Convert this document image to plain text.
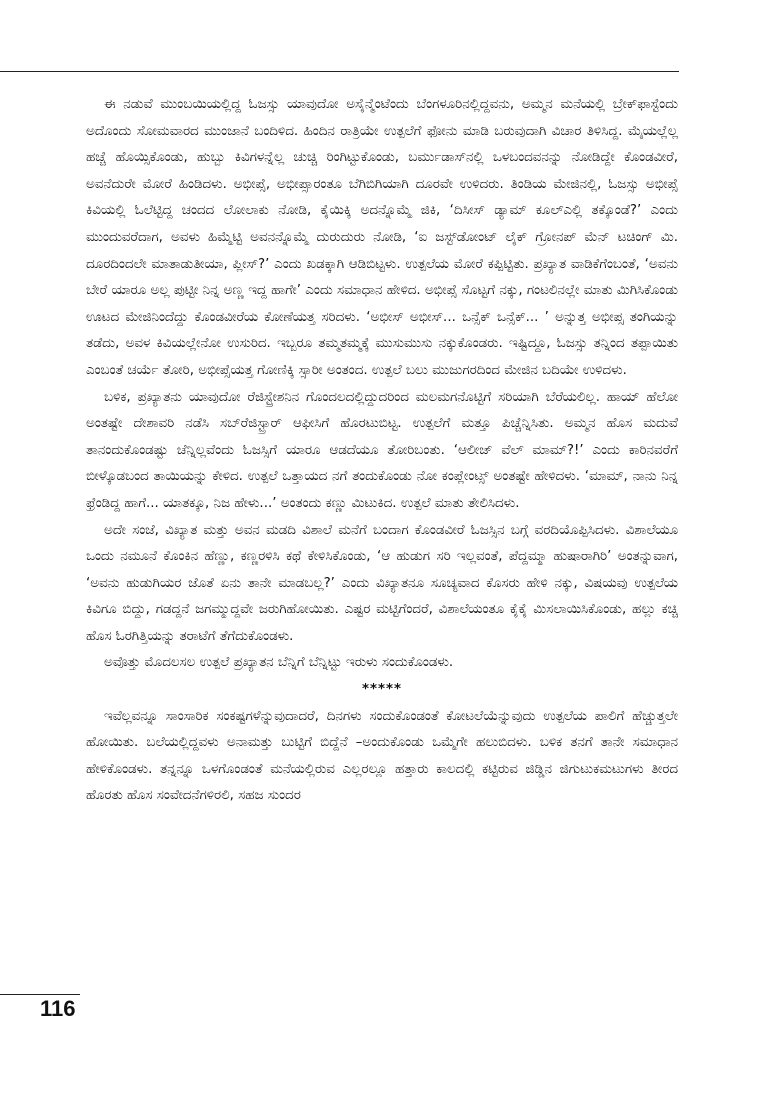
ಈ ನಡುವೆ ಮುಂಬಯಿಯಲ್ಲಿದ್ದ ಓಜಸ್ಸು ಯಾವುದೋ ಅಸೈನ್ಮೆಂಟೆಂದು ಬೆಂಗಳೂರಿನಲ್ಲಿದ್ದವನು, ಅಮ್ಮನ ಮನೆಯಲ್ಲಿ ಬ್ರೇಕ್‌ಫಾಸ್ಟೆಂದು ಅದೊಂದು ಸೋಮವಾರದ ಮುಂಜಾನೆ ಬಂದಿಳಿದ. ಹಿಂದಿನ ರಾತ್ರಿಯೇ ಉತ್ಪಲೆಗೆ ಫೋನು ಮಾಡಿ ಬರುವುದಾಗಿ ವಿಚಾರ ತಿಳಿಸಿದ್ದ. ಮೈಯಲ್ಲೆಲ್ಲ ಹಚ್ಚೆ ಹೊಯ್ಸಿಕೊಂಡು, ಹುಬ್ಬು ಕಿವಿಗಳನ್ನೆಲ್ಲ ಚುಚ್ಚಿ ರಿಂಗಿಟ್ಟುಕೊಂಡು, ಬರ್ಮುಡಾಸ್‌ನಲ್ಲಿ ಒಳಬಂದವನನ್ನು ನೋಡಿದ್ದೇ ಕೊಂಡವೀರೆ, ಅವನೆದುರೇ ಮೋರೆ ಹಿಂಡಿದಳು. ಅಭೀಪ್ಸೆ, ಅಭೀಪ್ಸಾರಂತೂ ಬೆಗಿಬಿಗಿಯಾಗಿ ದೂರವೇ ಉಳಿದರು. ತಿಂಡಿಯ ಮೇಜಿನಲ್ಲಿ, ಓಜಸ್ಸು ಅಭೀಪ್ಸೆ ಕಿವಿಯಲ್ಲಿ ಓಲೆಟ್ಟಿದ್ದ ಚಂದದ ಲೋಲಾಕು ನೋಡಿ, ಕೈಯಿಕ್ಕಿ ಅದನ್ನೊಮ್ಮೆ ಜಿಕಿ, ‘ದಿಸೀಸ್ ಡ್ಯಾಮ್ ಕೂಲ್‌ಎಲ್ಲಿ ತಕ್ಕೊಂಡೆ?’ ಎಂದು ಮುಂದುವರೆದಾಗ, ಅವಳು ಹಿಮ್ಮೆಟ್ಟಿ ಅವನನ್ನೊಮ್ಮೆ ದುರುದುರು ನೋಡಿ, ‘ಐ ಜಸ್ಟ್‌ಡೋಂಟ್ ಲೈಕ್ ಗ್ರೋನಪ್ ಮೆನ್ ಟಚಿಂಗ್ ಮಿ. ದೂರದಿಂದಲೇ ಮಾತಾಡುತೀಯಾ, ಪ್ಲೀಸ್?’ ಎಂದು ಖಡಕ್ಕಾಗಿ ಆಡಿಬಿಟ್ಟಳು. ಉತ್ಪಲೆಯ ಮೋರೆ ಕಪ್ಪಿಟ್ಟಿತು. ಪ್ರಖ್ಯಾತ ವಾಡಿಕೆಗೆಂಬಂತೆ, ‘ಅವನು ಬೇರೆ ಯಾರೂ ಅಲ್ಲ ಪುಟ್ಟೀ ನಿನ್ನ ಅಣ್ಣ ಇದ್ದ ಹಾಗೇ’ ಎಂದು ಸಮಾಧಾನ ಹೇಳಿದ. ಅಭೀಪ್ಸೆ ಸೊಟ್ಟಗೆ ನಕ್ಕು, ಗಂಟಲಿನಲ್ಲೇ ಮಾತು ಮಿಗಿಸಿಕೊಂಡು ಊಟದ ಮೇಜಿನಿಂದೆದ್ದು ಕೊಂಡವೀರೆಯ ಕೋಣೆಯತ್ತ ಸರಿದಳು. ‘ಅಭೀಸ್ ಅಭೀಸ್... ಒನ್ಸೆಕ್ ಒನ್ಸೆಕ್... ’ ಅನ್ನುತ್ತ ಅಭೀಪ್ಸ ತಂಗಿಯನ್ನು ತಡೆದು, ಅವಳ ಕಿವಿಯಲ್ಲೇನೋ ಉಸುರಿದ. ಇಬ್ಬರೂ ತಮ್ಮತಮ್ಮಕ್ಕೆ ಮುಸುಮುಸು ನಕ್ಕುಕೊಂಡರು. ಇಷ್ಟಿದ್ದೂ, ಓಜಸ್ಸು ತನ್ನಿಂದ ತಪ್ಪಾಯಿತು ಎಂಬಂತೆ ಚರ್ಯೆ ತೋರಿ, ಅಭೀಪ್ಸೆಯತ್ತ ಗೋಣಿಕ್ಕಿ ಸ್ಸಾರೀ ಅಂತಂದ. ಉತ್ಪಲೆ ಬಲು ಮುಜುಗರದಿಂದ ಮೇಜಿನ ಬದಿಯೇ ಉಳಿದಳು.

ಬಳಿಕ, ಪ್ರಖ್ಯಾತನು ಯಾವುದೋ ರೆಜಿಸ್ಟ್ರೇಶನಿನ ಗೊಂದಲದಲ್ಲಿದ್ದುದರಿಂದ ಮಲಮಗನೊಟ್ಟಿಗೆ ಸರಿಯಾಗಿ ಬೆರೆಯಲಿಲ್ಲ. ಹಾಯ್ ಹೆಲೋ ಅಂತಷ್ಟೇ ದೇಶಾವರಿ ನಡೆಸಿ ಸಬ್‌ರೆಜಿಸ್ಟ್ರಾರ್ ಆಫೀಸಿಗೆ ಹೊರಟುಬಿಟ್ಟ. ಉತ್ಪಲೆಗೆ ಮತ್ತೂ ಪಿಚ್ಚೆನ್ನಿಸಿತು. ಅಮ್ಮನ ಹೊಸ ಮದುವೆ ತಾನಂದುಕೊಂಡಷ್ಟು ಚೆನ್ನಿಲ್ಲವೆಂದು ಓಜಸ್ಸಿಗೆ ಯಾರೂ ಆಡದೆಯೂ ತೋರಿಬಂತು. ‘ಆಲೀಜ್ ವೆಲ್ ಮಾಮ್?!’ ಎಂದು ಕಾರಿನವರೆಗೆ ಬೀಳ್ಕೊಡಬಂದ ತಾಯಿಯನ್ನು ಕೇಳಿದ. ಉತ್ಪಲೆ ಒತ್ತಾಯದ ನಗೆ ತಂದುಕೊಂಡು ನೋ ಕಂಪ್ಲೇಂಟ್ಸ್ ಅಂತಷ್ಟೇ ಹೇಳಿದಳು. ‘ಮಾಮ್, ನಾನು ನಿನ್ನ ಫ್ರೆಂಡಿದ್ದ ಹಾಗೆ... ಯಾತಕ್ಕೂ, ನಿಜ ಹೇಳು...’ ಅಂತಂದು ಕಣ್ಣು ಮಿಟುಕಿದ. ಉತ್ಪಲೆ ಮಾತು ತೇಲಿಸಿದಳು.

ಅದೇ ಸಂಜೆ, ವಿಖ್ಯಾತ ಮತ್ತು ಅವನ ಮಡದಿ ವಿಶಾಲೆ ಮನೆಗೆ ಬಂದಾಗ ಕೊಂಡವೀರೆ ಓಜಸ್ಸಿನ ಬಗ್ಗೆ ವರದಿಯೊಪ್ಪಿಸಿದಳು. ವಿಶಾಲೆಯೂ ಒಂದು ನಮೂನೆ ಕೊಂಕಿನ ಹೆಣ್ಣು, ಕಣ್ಣರಳಿಸಿ ಕಥೆ ಕೇಳಿಸಿಕೊಂಡು, ‘ಆ ಹುಡುಗ ಸರಿ ಇಲ್ಲವಂತೆ, ಪೆದ್ದಮ್ಮಾ ಹುಷಾರಾಗಿರಿ’ ಅಂತನ್ನುವಾಗ, ‘ಅವನು ಹುಡುಗಿಯರ ಜೊತೆ ಏನು ತಾನೇ ಮಾಡಬಲ್ಲ?’ ಎಂದು ವಿಖ್ಯಾತನೂ ಸೂಚ್ಯವಾದ ಕೊಸರು ಹೇಳಿ ನಕ್ಕು, ವಿಷಯವು ಉತ್ಪಲೆಯ ಕಿವಿಗೂ ಬಿದ್ದು, ಗಡದ್ದನೆ ಜಗಮ್ಮುದ್ದವೇ ಜರುಗಿಹೋಯಿತು. ಎಷ್ಟರ ಮಟ್ಟಿಗೆಂದರೆ, ವಿಶಾಲೆಯಂತೂ ಕೈಕೈ ಮಿಸಲಾಯಿಸಿಕೊಂಡು, ಹಲ್ಲು ಕಚ್ಚಿ ಹೊಸ ಓರಗಿತ್ತಿಯನ್ನು ತರಾಟೆಗೆ ತೆಗೆದುಕೊಂಡಳು.

ಅವೊತ್ತು ಮೊದಲಸಲ ಉತ್ಪಲೆ ಪ್ರಖ್ಯಾತನ ಬೆನ್ನಿಗೆ ಬೆನ್ನಿಟ್ಟು ಇರುಳು ಸಂದುಕೊಂಡಳು.

*****

ಇವೆಲ್ಲವನ್ನೂ ಸಾಂಸಾರಿಕ ಸಂಕಷ್ಟಗಳೆನ್ನುವುದಾದರೆ, ದಿನಗಳು ಸಂದುಕೊಂಡಂತೆ ಕೋಟಲೆಯೆನ್ನುವುದು ಉತ್ಪಲೆಯ ಪಾಲಿಗೆ ಹೆಚ್ಚುತ್ತಲೇ ಹೋಯಿತು. ಬಲೆಯಲ್ಲಿದ್ದವಳು ಅನಾಮತ್ತು ಬುಟ್ಟಿಗೆ ಬಿದ್ದೆನೆ –ಅಂದುಕೊಂಡು ಒಮ್ಮೆಗೇ ಹಲುಬಿದಳು. ಬಳಿಕ ತನಗೆ ತಾನೇ ಸಮಾಧಾನ ಹೇಳಿಕೊಂಡಳು. ತನ್ನನ್ನೂ ಒಳಗೊಂಡಂತೆ ಮನೆಯಲ್ಲಿರುವ ಎಲ್ಲರಲ್ಲೂ ಹತ್ತಾರು ಕಾಲದಲ್ಲಿ ಕಟ್ಟಿರುವ ಜಿಡ್ಡಿನ ಜಿಗುಟುಕಮಟುಗಳು ತೀರದ ಹೊರತು ಹೊಸ ಸಂವೇದನೆಗಳಿರಲಿ, ಸಹಜ ಸುಂದರ

116
